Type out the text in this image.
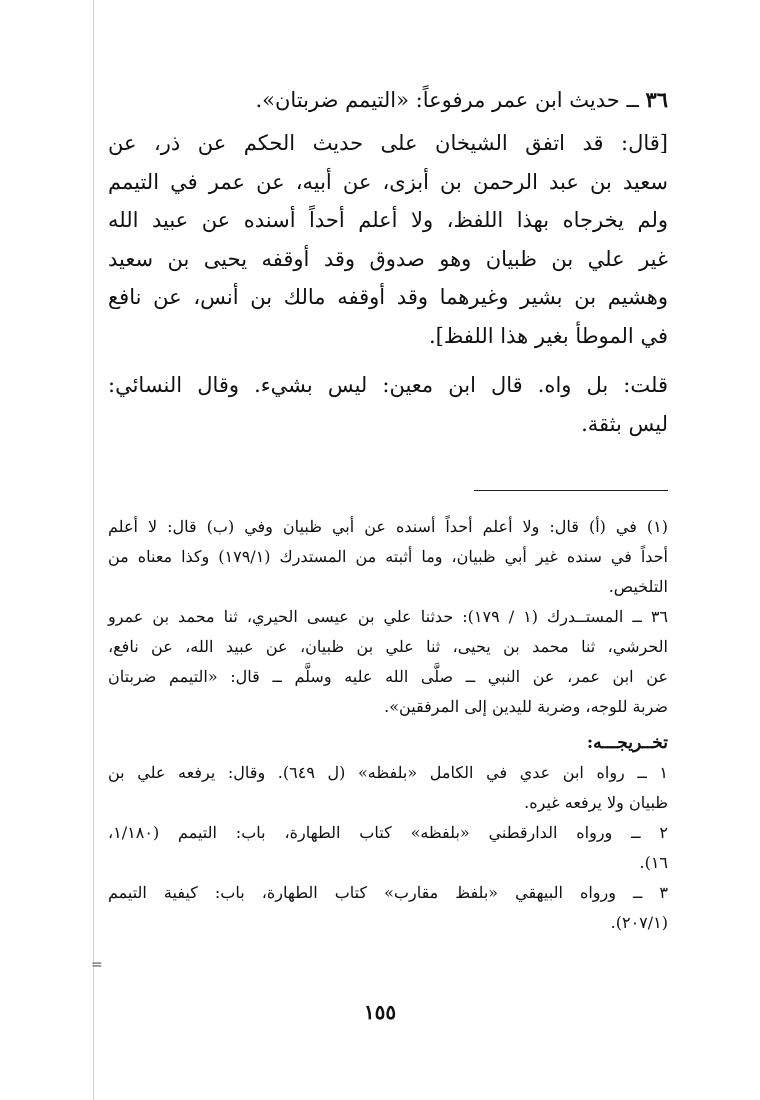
=
٣٦ ــ حديث ابن عمر مرفوعاً: «التيمم ضربتان».
[قال: قد اتفق الشيخان على حديث الحكم عن ذر، عن
سعيد بن عبد الرحمن بن أبزى، عن أبيه، عن عمر في التيمم
ولم يخرجاه بهذا اللفظ، ولا أعلم أحداً أسنده عن عبيد الله
غير علي بن ظبيان وهو صدوق وقد أوقفه يحيى بن سعيد
وهشيم بن بشير وغيرهما وقد أوقفه مالك بن أنس، عن نافع
في الموطأ بغير هذا اللفظ].
قلت: بل واه. قال ابن معين: ليس بشيء. وقال النسائي:
ليس بثقة.
(١) في (أ) قال: ولا أعلم أحداً أسنده عن أبي ظبيان وفي (ب) قال: لا أعلم
أحداً في سنده غير أبي ظبيان، وما أثبته من المستدرك (١٧٩/١) وكذا معناه من
التلخيص.
٣٦ ــ المستــدرك (١ / ١٧٩): حدثنا علي بن عيسى الحيري، ثنا محمد بن عمرو
الحرشي، ثنا محمد بن يحيى، ثنا علي بن ظبيان، عن عبيد الله، عن نافع،
عن ابن عمر، عن النبي ــ صلَّى الله عليه وسلَّم ــ قال: «التيمم ضربتان
ضربة للوجه، وضربة لليدين إلى المرفقين».
تخــريجـــه:
١ ــ رواه ابن عدي في الكامل «بلفظه» (ل ٦٤٩). وقال: يرفعه علي بن
ظبيان ولا يرفعه غيره.
٢ ــ ورواه الدارقطني «بلفظه» كتاب الطهارة، باب: التيمم (١/١٨٠،
١٦).
٣ ــ ورواه البيهقي «بلفظ مقارب» كتاب الطهارة، باب: كيفية التيمم
(٢٠٧/١).
١٥٥
